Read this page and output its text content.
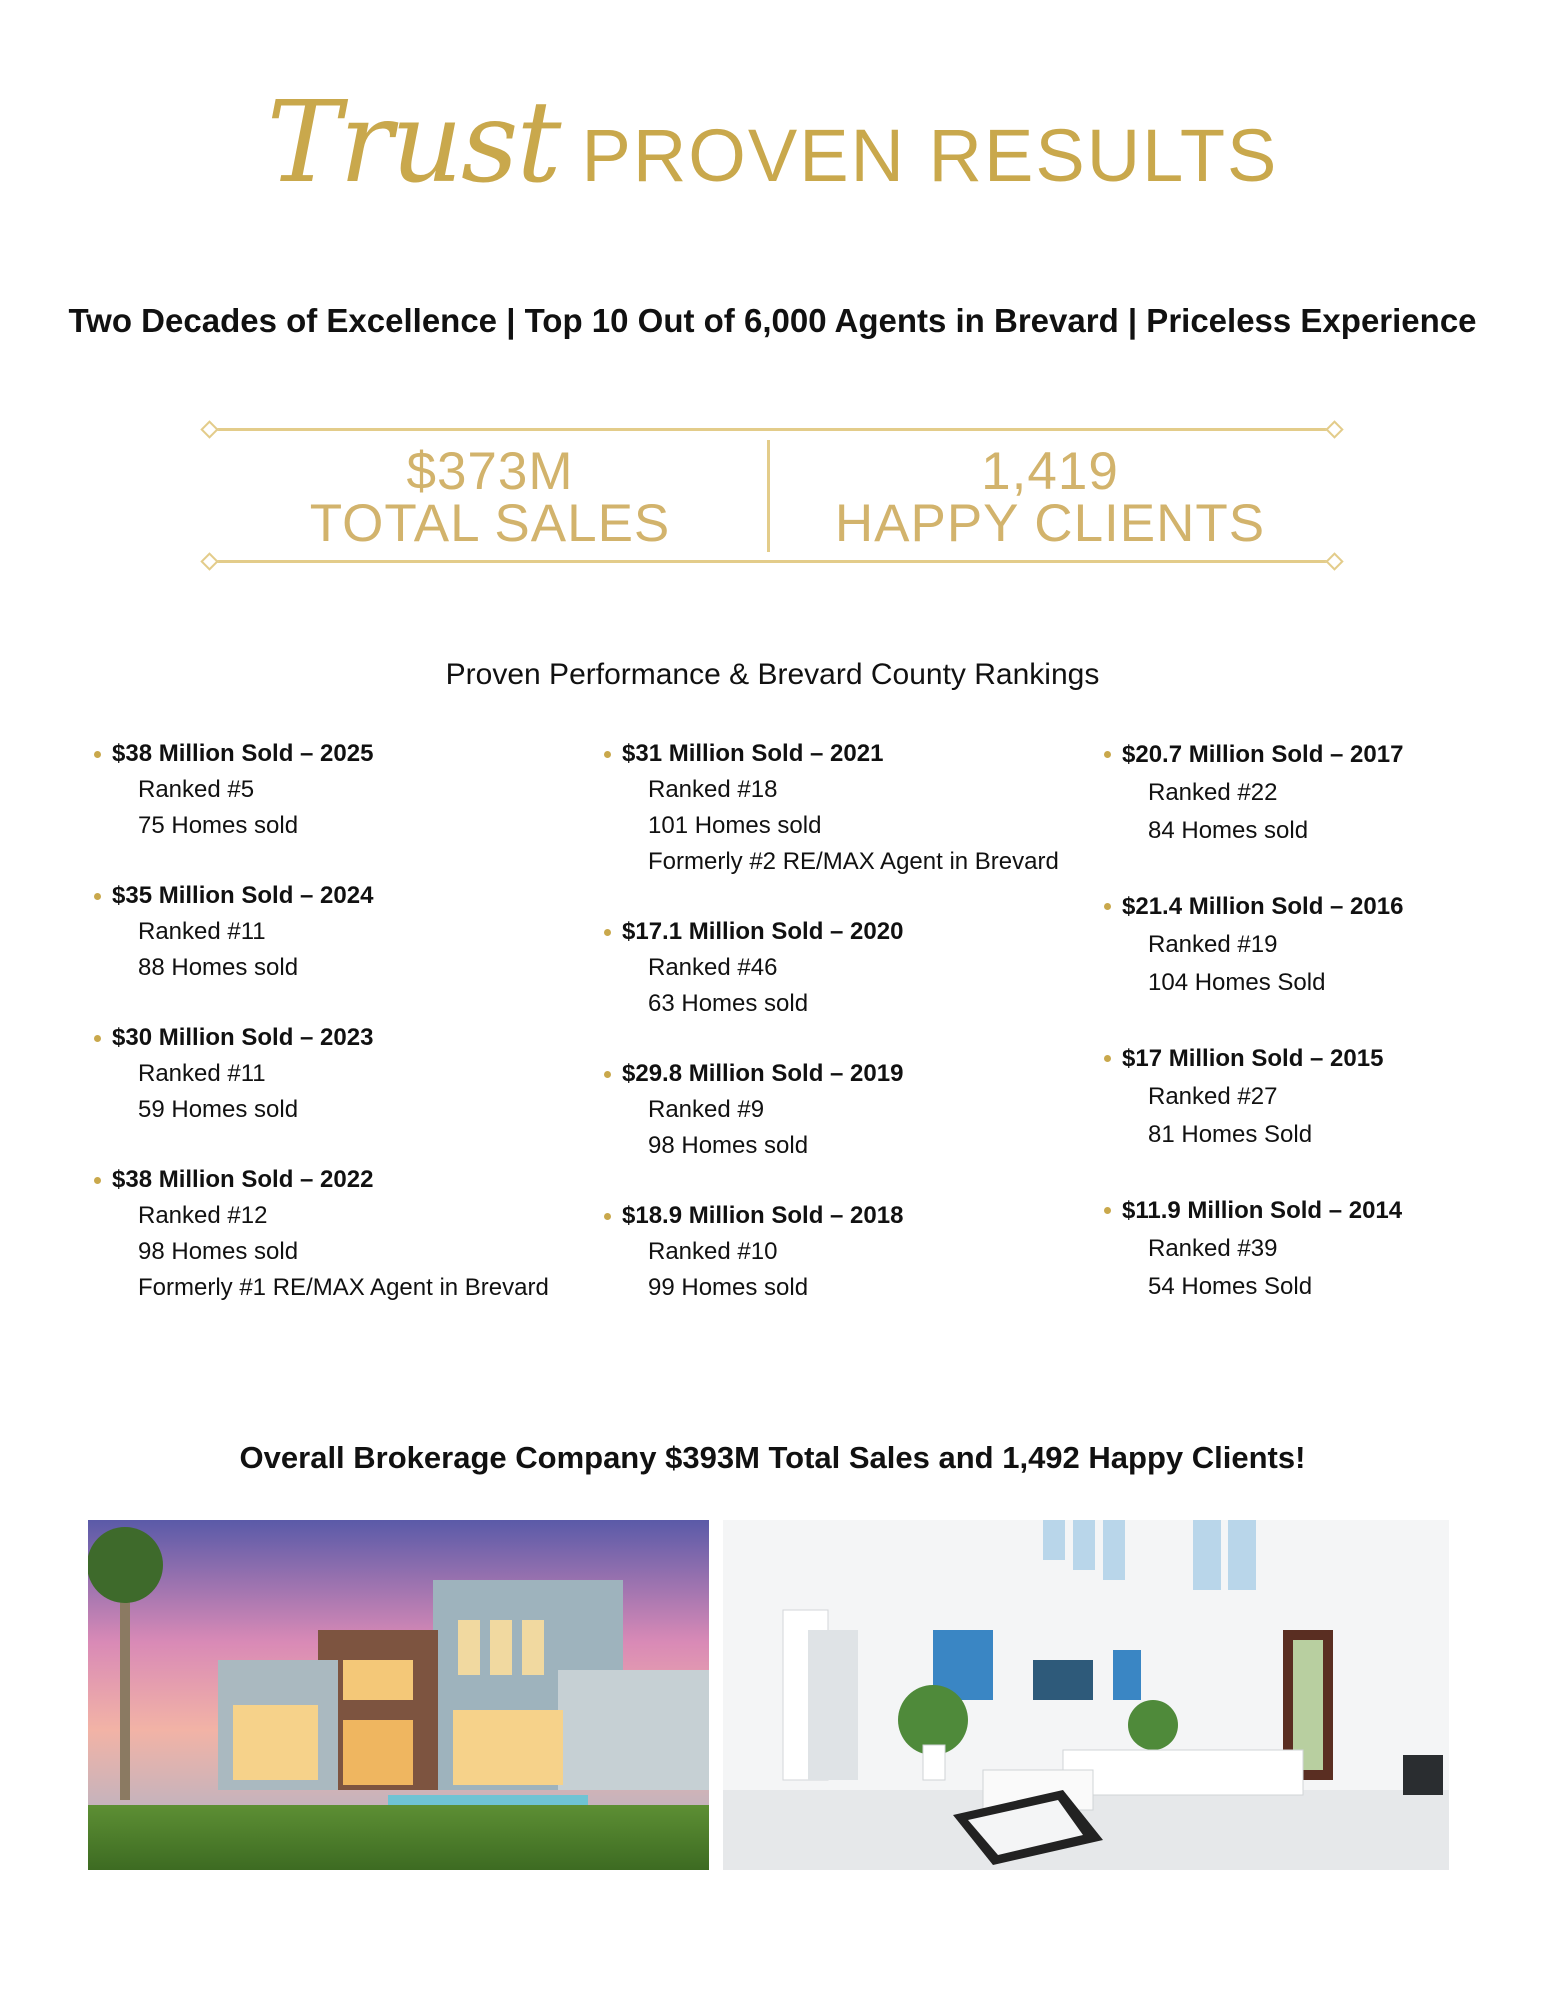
Trust PROVEN RESULTS
Two Decades of Excellence | Top 10 Out of 6,000 Agents in Brevard | Priceless Experience
$373M
TOTAL SALES
1,419
HAPPY CLIENTS
Proven Performance & Brevard County Rankings
$38 Million Sold – 2025
Ranked #5
75 Homes sold
$35 Million Sold – 2024
Ranked #11
88 Homes sold
$30 Million Sold – 2023
Ranked #11
59 Homes sold
$38 Million Sold – 2022
Ranked #12
98 Homes sold
Formerly #1 RE/MAX Agent in Brevard
$31 Million Sold – 2021
Ranked #18
101 Homes sold
Formerly #2 RE/MAX Agent in Brevard
$17.1 Million Sold – 2020
Ranked #46
63 Homes sold
$29.8 Million Sold – 2019
Ranked #9
98 Homes sold
$18.9 Million Sold – 2018
Ranked #10
99 Homes sold
$20.7 Million Sold – 2017
Ranked #22
84 Homes sold
$21.4 Million Sold – 2016
Ranked #19
104 Homes Sold
$17 Million Sold – 2015
Ranked #27
81 Homes Sold
$11.9 Million Sold – 2014
Ranked #39
54 Homes Sold
Overall Brokerage Company $393M Total Sales and 1,492 Happy Clients!
